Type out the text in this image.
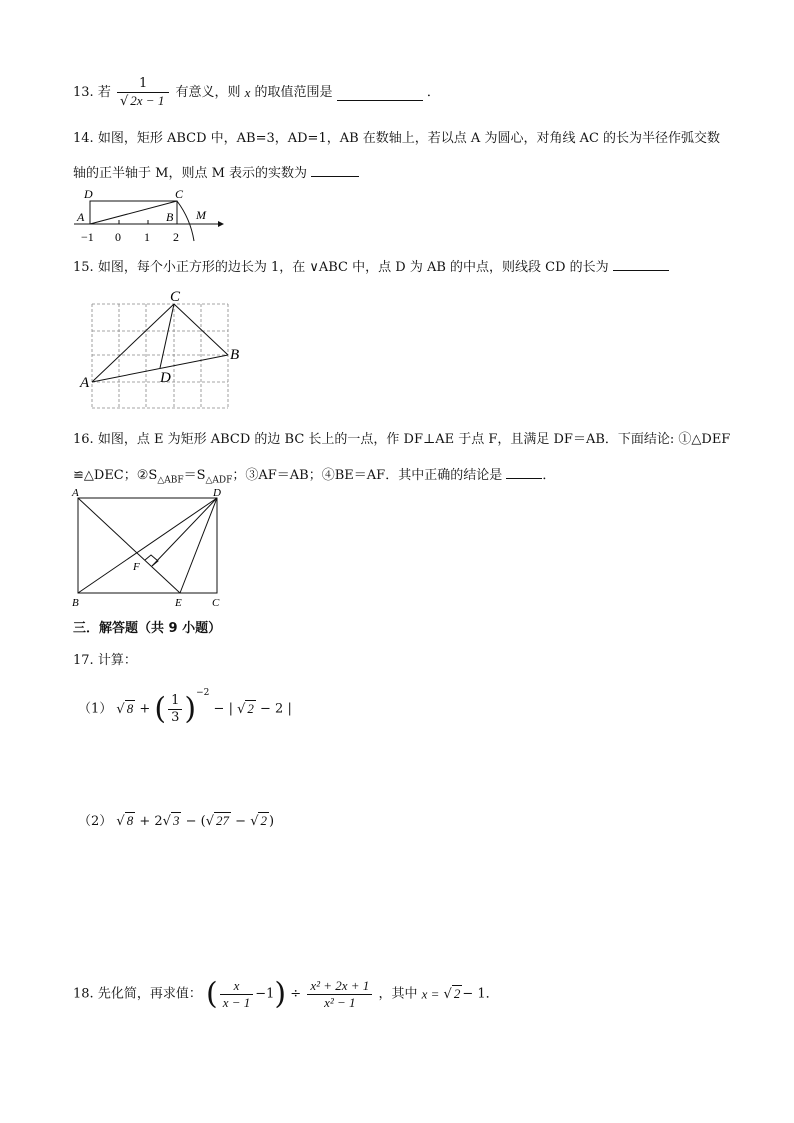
13. 若 $\frac{1}{√ 2x - 1}$ 有意义，则 x 的取值范围是	．
14. 如图，矩形 ABCD 中，AB=3，AD=1，AB 在数轴上，若以点 A 为圆心，对角线 AC 的长为半径作弧交数
轴的正半轴于 M，则点 M 表示的实数为
D	C
A	B M
−1 0 1 2
15. 如图，每个小正方形的边长为 1，在 ∨ABC 中，点 D 为 AB 的中点，则线段 CD 的长为
A
B
C
D
16. 如图，点 E 为矩形 ABCD 的边 BC 长上的一点，作 DF⊥AE 于点 F，且满足 DF＝AB．下面结论: ①△DEF
≌△DEC；$②S_{\triangle ABF}=S_{\triangle ADF}$；③AF＝AB；④BE＝AF．其中正确的结论是	．
A	D
F
B	E	C
三．解答题（共 9 小题）
17. 计算：
（1） √ 8 + ( $\frac{1}{3} )^{-2}$ − | √ 2 − 2 |
（2） √ 8 + 2√ 3 − (√ 27 − √ 2 )
18. 先化简，再求值： ( $\frac{x}{x - 1} -1) \div \frac{\text{x² + 2x + 1}}{\text{x² − 1}}$ ，其中 x = √ 2 − 1．
